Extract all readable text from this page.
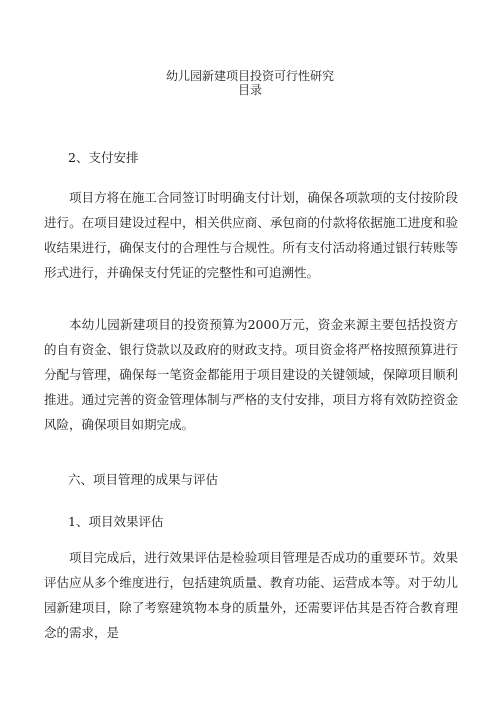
幼儿园新建项目投资可行性研究
目录
2、支付安排

项目方将在施工合同签订时明确支付计划，确保各项款项的支付按阶段进行。在项目建设过程中，相关供应商、承包商的付款将依据施工进度和验收结果进行，确保支付的合理性与合规性。所有支付活动将通过银行转账等形式进行，并确保支付凭证的完整性和可追溯性。

本幼儿园新建项目的投资预算为2000万元，资金来源主要包括投资方的自有资金、银行贷款以及政府的财政支持。项目资金将严格按照预算进行分配与管理，确保每一笔资金都能用于项目建设的关键领域，保障项目顺利推进。通过完善的资金管理体制与严格的支付安排，项目方将有效防控资金风险，确保项目如期完成。

六、项目管理的成果与评估
1、项目效果评估

项目完成后，进行效果评估是检验项目管理是否成功的重要环节。效果评估应从多个维度进行，包括建筑质量、教育功能、运营成本等。对于幼儿园新建项目，除了考察建筑物本身的质量外，还需要评估其是否符合教育理念的需求，是
